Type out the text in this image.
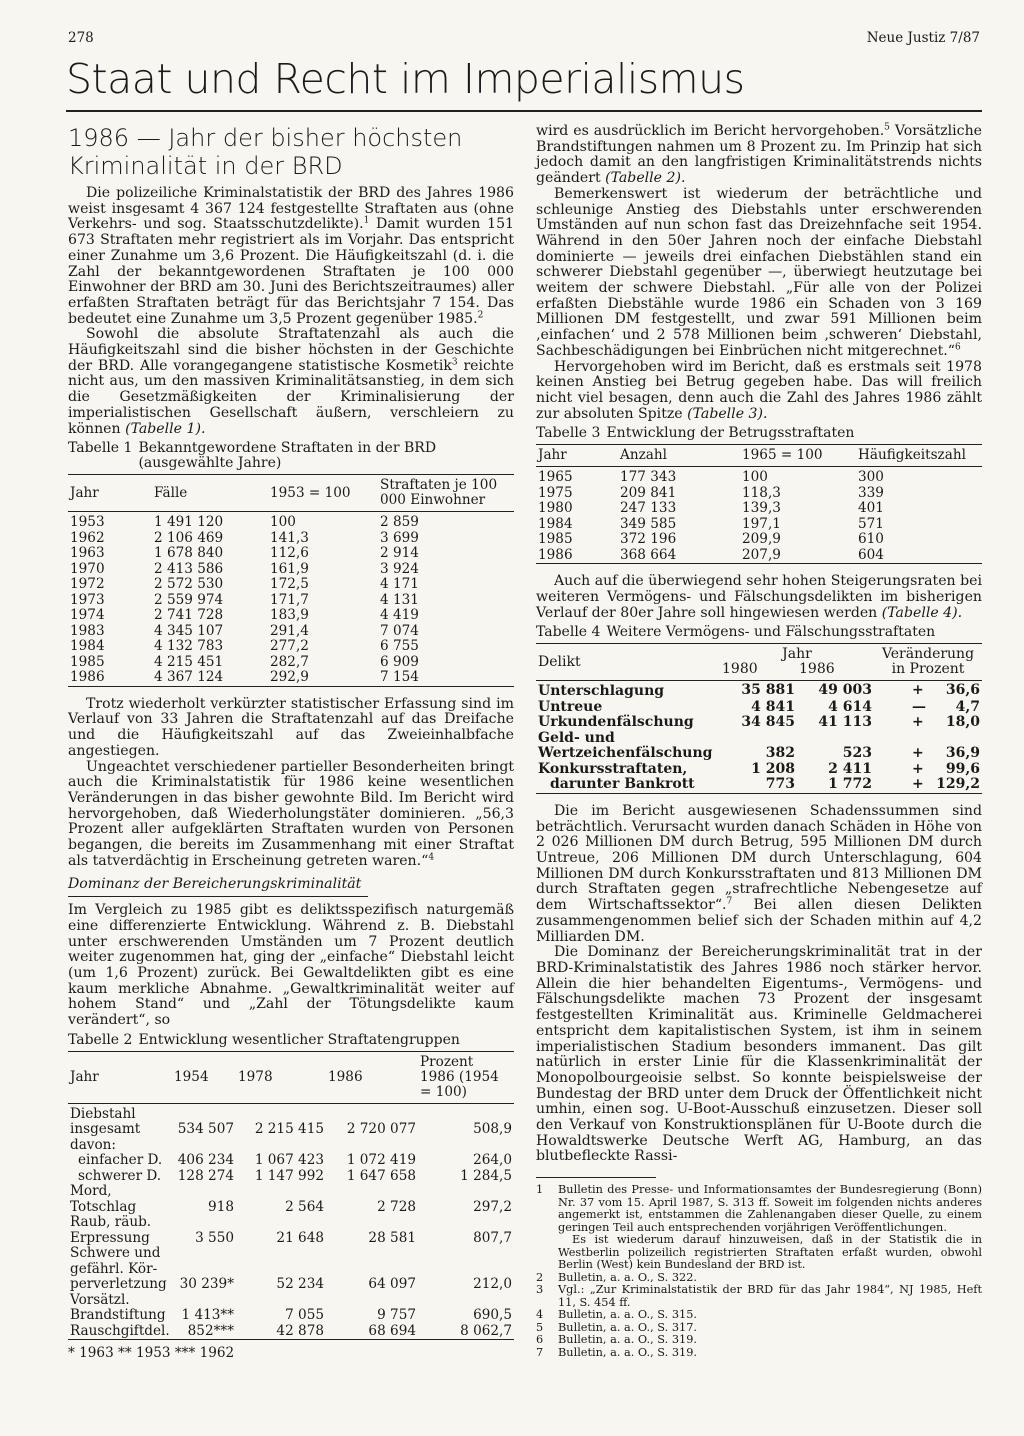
278	Neue Justiz 7/87
Staat und Recht im Imperialismus
1986 — Jahr der bisher höchsten
Kriminalität in der BRD

Die polizeiliche Kriminalstatistik der BRD des Jahres 1986 weist insgesamt 4 367 124 festgestellte Straftaten aus (ohne Verkehrs- und sog. Staatsschutzdelikte).$^1$ Damit wurden 151 673 Straftaten mehr registriert als im Vorjahr. Das entspricht einer Zunahme um 3,6 Prozent. Die Häufigkeitszahl (d. i. die Zahl der bekanntgewordenen Straftaten je 100 000 Einwohner der BRD am 30. Juni des Berichtszeitraumes) aller erfaßten Straftaten beträgt für das Berichtsjahr 7 154. Das bedeutet eine Zunahme um 3,5 Prozent gegenüber 1985.$^2$

Sowohl die absolute Straftatenzahl als auch die Häufigkeitszahl sind die bisher höchsten in der Geschichte der BRD. Alle vorangegangene statistische Kosmetik$^3$ reichte nicht aus, um den massiven Kriminalitätsanstieg, in dem sich die Gesetzmäßigkeiten der Kriminalisierung der imperialistischen Gesellschaft äußern, verschleiern zu können (Tabelle 1).

Tabelle 1 Bekanntgewordene Straftaten in der BRD (ausgewählte Jahre)
Jahr	Fälle	1953 = 100	Straftaten je 100 000 Einwohner
1953	1 491 120	100	2 859
1962	2 106 469	141,3	3 699
1963	1 678 840	112,6	2 914
1970	2 413 586	161,9	3 924
1972	2 572 530	172,5	4 171
1973	2 559 974	171,7	4 131
1974	2 741 728	183,9	4 419
1983	4 345 107	291,4	7 074
1984	4 132 783	277,2	6 755
1985	4 215 451	282,7	6 909
1986	4 367 124	292,9	7 154

Trotz wiederholt verkürzter statistischer Erfassung sind im Verlauf von 33 Jahren die Straftatenzahl auf das Dreifache und die Häufigkeitszahl auf das Zweieinhalbfache angestiegen.

Ungeachtet verschiedener partieller Besonderheiten bringt auch die Kriminalstatistik für 1986 keine wesentlichen Veränderungen in das bisher gewohnte Bild. Im Bericht wird hervorgehoben, daß Wiederholungstäter dominieren. „56,3 Prozent aller aufgeklärten Straftaten wurden von Personen begangen, die bereits im Zusammenhang mit einer Straftat als tatverdächtig in Erscheinung getreten waren.“$^4$

Dominanz der Bereicherungskriminalität

Im Vergleich zu 1985 gibt es deliktsspezifisch naturgemäß eine differenzierte Entwicklung. Während z. B. Diebstahl unter erschwerenden Umständen um 7 Prozent deutlich weiter zugenommen hat, ging der „einfache“ Diebstahl leicht (um 1,6 Prozent) zurück. Bei Gewaltdelikten gibt es eine kaum merkliche Abnahme. „Gewaltkriminalität weiter auf hohem Stand“ und „Zahl der Tötungsdelikte kaum verändert“, so

Tabelle 2 Entwicklung wesentlicher Straftatengruppen
Jahr	1954	1978	1986	Prozent 1986 (1954 = 100)
Diebstahl				
insgesamt	534 507	2 215 415	2 720 077	508,9
davon:				
einfacher D.	406 234	1 067 423	1 072 419	264,0
schwerer D.	128 274	1 147 992	1 647 658	1 284,5
Mord,				
Totschlag	918	2 564	2 728	297,2
Raub, räub.				
Erpressung	3 550	21 648	28 581	807,7
Schwere und				
gefährl. Kör-				
perverletzung	30 239*	52 234	64 097	212,0
Vorsätzl.				
Brandstiftung	1 413**	7 055	9 757	690,5
Rauschgiftdel.	852***	42 878	68 694	8 062,7
* 1963 ** 1953 *** 1962

wird es ausdrücklich im Bericht hervorgehoben.$^5$ Vorsätzliche Brandstiftungen nahmen um 8 Prozent zu. Im Prinzip hat sich jedoch damit an den langfristigen Kriminalitätstrends nichts geändert (Tabelle 2).

Bemerkenswert ist wiederum der beträchtliche und schleunige Anstieg des Diebstahls unter erschwerenden Umständen auf nun schon fast das Dreizehnfache seit 1954. Während in den 50er Jahren noch der einfache Diebstahl dominierte — jeweils drei einfachen Diebstählen stand ein schwerer Diebstahl gegenüber —, überwiegt heutzutage bei weitem der schwere Diebstahl. „Für alle von der Polizei erfaßten Diebstähle wurde 1986 ein Schaden von 3 169 Millionen DM festgestellt, und zwar 591 Millionen beim ‚einfachen‘ und 2 578 Millionen beim ‚schweren‘ Diebstahl, Sachbeschädigungen bei Einbrüchen nicht mitgerechnet.“$^6$

Hervorgehoben wird im Bericht, daß es erstmals seit 1978 keinen Anstieg bei Betrug gegeben habe. Das will freilich nicht viel besagen, denn auch die Zahl des Jahres 1986 zählt zur absoluten Spitze (Tabelle 3).

Tabelle 3 Entwicklung der Betrugsstraftaten
Jahr	Anzahl	1965 = 100	Häufigkeitszahl
1965	177 343	100	300
1975	209 841	118,3	339
1980	247 133	139,3	401
1984	349 585	197,1	571
1985	372 196	209,9	610
1986	368 664	207,9	604

Auch auf die überwiegend sehr hohen Steigerungsraten bei weiteren Vermögens- und Fälschungsdelikten im bisherigen Verlauf der 80er Jahre soll hingewiesen werden (Tabelle 4).

Tabelle 4 Weitere Vermögens- und Fälschungsstraftaten
Delikt	Jahr		Veränderung in Prozent
	1980	1986	
Unterschlagung	35 881	49 003	+ 36,6
Untreue	4 841	4 614	— 4,7
Urkundenfälschung	34 845	41 113	+ 18,0
Geld- und			
Wertzeichenfälschung	382	523	+ 36,9
Konkursstraftaten,	1 208	2 411	+ 99,6
darunter Bankrott	773	1 772	+ 129,2

Die im Bericht ausgewiesenen Schadenssummen sind beträchtlich. Verursacht wurden danach Schäden in Höhe von 2 026 Millionen DM durch Betrug, 595 Millionen DM durch Untreue, 206 Millionen DM durch Unterschlagung, 604 Millionen DM durch Konkursstraftaten und 813 Millionen DM durch Straftaten gegen „strafrechtliche Nebengesetze auf dem Wirtschaftssektor“.$^7$ Bei allen diesen Delikten zusammengenommen belief sich der Schaden mithin auf 4,2 Milliarden DM.

Die Dominanz der Bereicherungskriminalität trat in der BRD-Kriminalstatistik des Jahres 1986 noch stärker hervor. Allein die hier behandelten Eigentums-, Vermögens- und Fälschungsdelikte machen 73 Prozent der insgesamt festgestellten Kriminalität aus. Kriminelle Geldmacherei entspricht dem kapitalistischen System, ist ihm in seinem imperialistischen Stadium besonders immanent. Das gilt natürlich in erster Linie für die Klassenkriminalität der Monopolbourgeoisie selbst. So konnte beispielsweise der Bundestag der BRD unter dem Druck der Öffentlichkeit nicht umhin, einen sog. U-Boot-Ausschuß einzusetzen. Dieser soll den Verkauf von Konstruktionsplänen für U-Boote durch die Howaldtswerke Deutsche Werft AG, Hamburg, an das blutbefleckte Rassi-

1	Bulletin des Presse- und Informationsamtes der Bundesregierung (Bonn) Nr. 37 vom 15. April 1987, S. 313 ff. Soweit im folgenden nichts anderes angemerkt ist, entstammen die Zahlenangaben dieser Quelle, zu einem geringen Teil auch entsprechenden vorjährigen Veröffentlichungen.
Es ist wiederum darauf hinzuweisen, daß in der Statistik die in Westberlin polizeilich registrierten Straftaten erfaßt wurden, obwohl Berlin (West) kein Bundesland der BRD ist.
2	Bulletin, a. a. O., S. 322.
3	Vgl.: „Zur Kriminalstatistik der BRD für das Jahr 1984“, NJ 1985, Heft 11, S. 454 ff.
4	Bulletin, a. a. O., S. 315.
5	Bulletin, a. a. O., S. 317.
6	Bulletin, a. a. O., S. 319.
7	Bulletin, a. a. O., S. 319.
